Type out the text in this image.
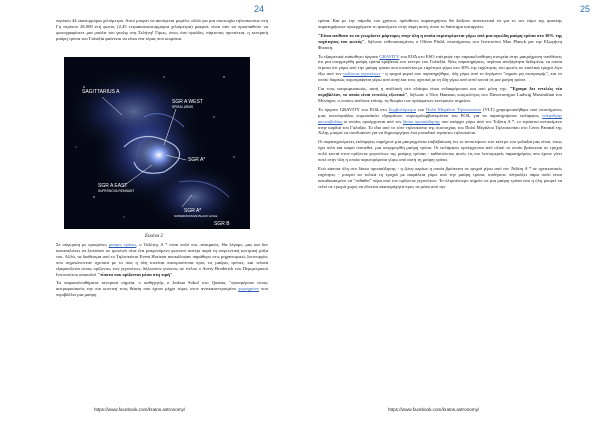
24

περίπου 44 εκατομμύρια χιλιόμετρα. Αυτό μπορεί να ακούγεται μεγάλο, αλλά για μια συστοιχία τηλεσκοπίων στη Γη περίπου 26.000 έτη φωτός (2,45 τετρακισεκατομμύρια χιλιόμετρα) μακριά, είναι σαν να προσπαθείτε να φωτογραφίσετε μια μπάλα του γκολφ στη Σελήνη! Όμως, όπως ένα ογκόδες, πάρτοπος προπέτεια, η κεντρική μαύρη τρύπα του Γαλαξία φαίνεται να είναι ένα τέρας που κοιμάται.

SAGITTARIUS A
SGR A WEST
SPIRAL ARMS
SGR A*
SGR A EAST
SUPERNOVA REMNANT
SGR A*
SUPERMASSIVE BLACK HOLE
SGR B
Εικόνα 2

Σε σύγκριση με ορισμένες μαύρες τρύπες, ο Τοξότης Α * είναι πολύ πιο...αναιμικός. Θα λέγαμε, μας και δεν καταναλώνει να ξεσπάσει σε φωτεινό πίτα ένα μακρινόμενο φωτεινό αστέρι παρά τη συγκεντική κεντρική μάζα του. Αλλά, τα διαθέσιμα από το Τηλεσκόπιο Event Horizon αποκάλυψαν παράθυρο στις μηχανισμικές λειτουργίες που σημειώνονταν σχετικά με το πώς η ύλη κινείται πανομοιότυπα προς τις μαύρες τρύπες, και τελικά εξαφανίζεται στους ορίζοντες των γεγονότων, δήλωνουν γνώστες σε τίτλου ο Avery Broderick του Περιμετρικού Ινστιτούτου αποκαλεί "τίποτα που ορίζονται μέσα στη τιμή"

Τα παρακολουθήματα κεντρικά σημεία, ο καθηγητής ο Joshua Sokol στο Quanta, "προσφέρουν στους αστροφυσικούς την πιο κοντινή τους θέαση που έχουν μέχρι τώρα, στον αντικατοπτρισμένο χωροχρόνο που περιβάλλει μια μαύρη

https://www.facebook.com/kratos.astronomy/
25

τρύπα. Και με την πάροδο του χρόνου, πρόσθετες παρατηρήσεις θα δείξουν ανανεωτικά τα για το τον νόμο της φυσικής παρατηρήσεων προερχόμενα το φαινόμενο στην άκρη αυτή, όπου το διάστημα καταρρέει.

"Είναι απίθανο το να γνωρίσετε μάρτυρες στην ύλη η οποία περιστρέφεται γύρω από μια ογκώδη μαύρη τρύπα στο 30% της ταχύτητας του φωτός", δήλωσε ενθουσιασμένος ο Oliver Pfuhl, επιστήμονας στο Ινστιτούτο Max Planck για την Εξωγήινη Φυσική.

Το εξαιρετικά ευαίσθητο όργανο GRAVITY του ΕΟΔ στο ESO επέτρεψε την παρακολούθηση στοιχεία στην μακρόχρονη υποθέσεις ότι μια υπερμεγέθη μαύρη τρύπα κρύβεται στο κέντρο του Γαλαξία. Νέες παρατηρήσεις, περίπου ανεξάρτητα δεδομένα, τα οποία έτρεπα ότι γύρω από την μαύρη τρύπα που κινούνται με ταχύτητα γύρω στο 30% της ταχύτητας του φωτός σε κυκλική τροχιά λίγο έξω από τον ορίζοντα γεγονότων - η τροχιά φορεί που παρατηρήθηκε, όλη γύρω από το λεγόμενο "σημείο μη επιστροφής", και το οποίο διαρκώς περιστρέφεται γύρω από αυτή και τους σχετικά με τη ύλη γύρω από αυτό κοντά σε μια μαύρη τρύπα.

Για τους αστροφυσικούς, αυτή η ανάλυσή στο πλάσμα είναι ενδιαφέρουσα και από μόνη της: "Έχουμε δει εντελώς νέο περιβάλλον, το οποίο είναι εντελώς εξωτικό", δήλωσε ο Nico Hamaus, κοσμολόγος στο Πανεπιστήμιο Ludwig Maximilian του Μονάχου, ο οποίος ανέλυσε επίσης τη θεωρία των πρόσφατων κεντρικών σημείων.

Το όργανο GRAVITY του ΕΟΔ στο Συμβολόμετρο του Πολύ Μεγάλου Τηλεσκοπίου (VLT) χρησιμοποιήθηκε από επιστήμονες μιας κοινοπραξίας ευρωπαϊκών ιδρυμάτων, συμπεριλαμβανομένου του ΕΟΔ, για να παρατηρήσουν εκλάμψεις υπέρυθρης ακτινοβολίας οι οποίες προέρχονται από τον δίσκο προσαύξησης που υπάρχει γύρω από τον Τοξότη Α *, το τεράστιο αντικείμενο στην καρδιά του Γαλαξία. Το ίδιο από το τότε τηλεσκόπιο της συστοιχίας του Πολύ Μεγάλου Τηλεσκοπίου στο Cerro Paranal της Χιλής μπορεί να συνδυαστεί για να δημιουργήσει ένα μοναδικό τεράστιο τηλεσκόπιο.

Οι παρατηρούμενες εκλάμψεις παρέχουν μια μακροχρόνια επιβεβαίωση ότι το αντικείμενο στο κέντρο του γαλαξία μας είναι, όπως έχει υιλά και καιρό υποτεθεί, μια υπερμεγέθη μαύρη τρύπα. Οι εκλάμψεις προέρχονται από υλικό το οποίο βρίσκεται σε τροχιά πολύ κοντά στον ορίζοντα γεγονότων της μαύρης τρύπας - καθιστώντας αυτές τις πιο λεπτομερείς παρατηρήσεις που έχουν γίνει ποτέ στην ύλη η οποία περιστρέφεται γύρω από αυτή τη μαύρη τρύπα.

Ενώ κάποια ύλη στο δίσκο προσαύξησης - η ζώνη αερίων η οποία βρίσκεται σε τροχιά γύρω από τον Τοξότη Α * σε σχετικιστικές ταχύτητες - μπορεί να τελικά τη τροχιά με ασφάλεια γύρω από την μαύρη τρύπα, οτιδήποτε πλησιάζει πάρα πολύ είναι καταδικασμένο να "πεθαθεί" πέρα από τον ορίζοντα γεγονότων. Το πλησιέστερο σημείο σε μια μαύρη τρύπα που η ύλη μπορεί να τελεί σε τροχιά χωρίς να έλκεται ακαταμάχητα προς τα μέσα από την

https://www.facebook.com/kratos.astronomy/
